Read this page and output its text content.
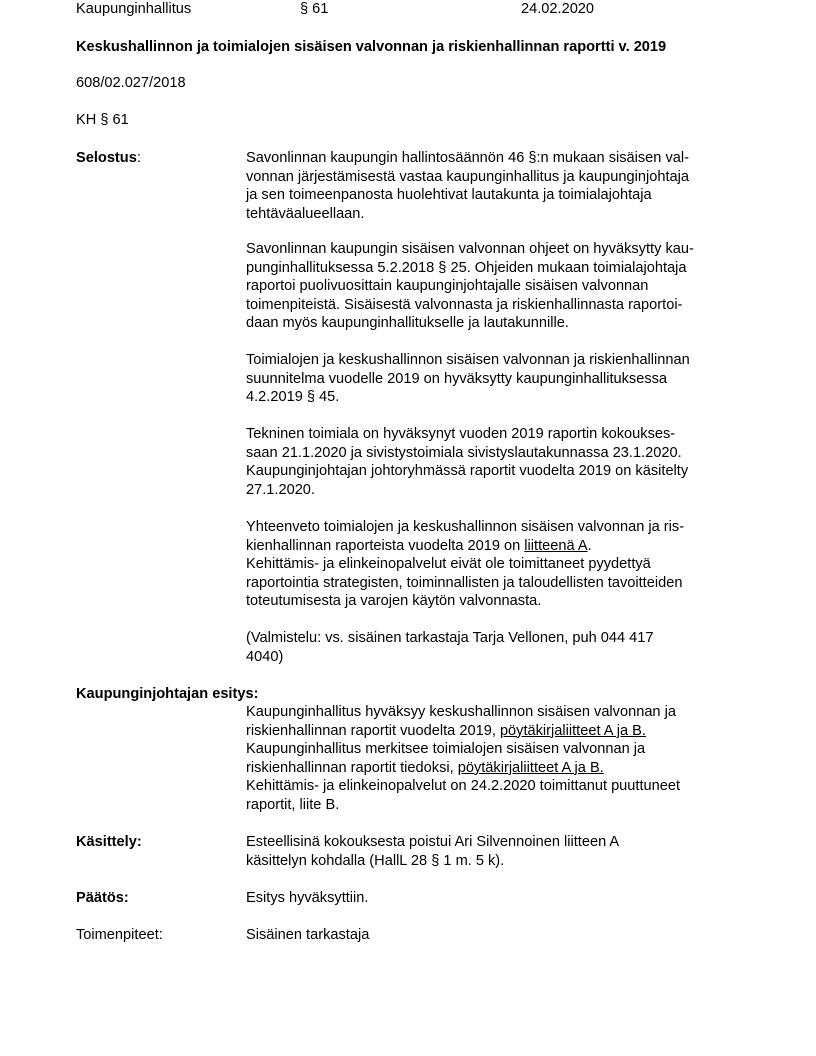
Kaupunginhallitus	§ 61	24.02.2020
Keskushallinnon ja toimialojen sisäisen valvonnan ja riskienhallinnan raportti v. 2019
608/02.027/2018
KH § 61
Selostus:	Savonlinnan kaupungin hallintosäännön 46 §:n mukaan sisäisen val-
vonnan järjestämisestä vastaa kaupunginhallitus ja kaupunginjohtaja
ja sen toimeenpanosta huolehtivat lautakunta ja toimialajohtaja
tehtäväalueellaan.
Savonlinnan kaupungin sisäisen valvonnan ohjeet on hyväksytty kau-
punginhallituksessa 5.2.2018 § 25. Ohjeiden mukaan toimialajohtaja
raportoi puolivuosittain kaupunginjohtajalle sisäisen valvonnan
toimenpiteistä. Sisäisestä valvonnasta ja riskienhallinnasta raportoi-
daan myös kaupunginhallitukselle ja lautakunnille.
Toimialojen ja keskushallinnon sisäisen valvonnan ja riskienhallinnan
suunnitelma vuodelle 2019 on hyväksytty kaupunginhallituksessa
4.2.2019 § 45.
Tekninen toimiala on hyväksynyt vuoden 2019 raportin kokoukses-
saan 21.1.2020 ja sivistystoimiala sivistyslautakunnassa 23.1.2020.
Kaupunginjohtajan johtoryhmässä raportit vuodelta 2019 on käsitelty
27.1.2020.
Yhteenveto toimialojen ja keskushallinnon sisäisen valvonnan ja ris-
kienhallinnan raporteista vuodelta 2019 on liitteenä A.
Kehittämis- ja elinkeinopalvelut eivät ole toimittaneet pyydettyä
raportointia strategisten, toiminnallisten ja taloudellisten tavoitteiden
toteutumisesta ja varojen käytön valvonnasta.
(Valmistelu: vs. sisäinen tarkastaja Tarja Vellonen, puh 044 417
4040)
Kaupunginjohtajan esitys:
Kaupunginhallitus hyväksyy keskushallinnon sisäisen valvonnan ja
riskienhallinnan raportit vuodelta 2019, pöytäkirjaliitteet A ja B.
Kaupunginhallitus merkitsee toimialojen sisäisen valvonnan ja
riskienhallinnan raportit tiedoksi, pöytäkirjaliitteet A ja B.
Kehittämis- ja elinkeinopalvelut on 24.2.2020 toimittanut puuttuneet
raportit, liite B.
Käsittely:	Esteellisinä kokouksesta poistui Ari Silvennoinen liitteen A
käsittelyn kohdalla (HallL 28 § 1 m. 5 k).
Päätös:	Esitys hyväksyttiin.
Toimenpiteet:	Sisäinen tarkastaja
